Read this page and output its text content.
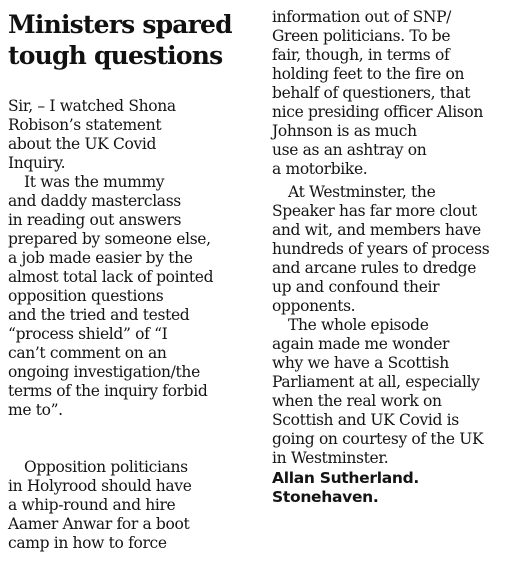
Ministers spared
tough questions
Sir, – I watched Shona
Robison’s statement
about the UK Covid
Inquiry.
It was the mummy
and daddy masterclass
in reading out answers
prepared by someone else,
a job made easier by the
almost total lack of pointed
opposition questions
and the tried and tested
“process shield” of “I
can’t comment on an
ongoing investigation/the
terms of the inquiry forbid
me to”.
Opposition politicians
in Holyrood should have
a whip-round and hire
Aamer Anwar for a boot
camp in how to force
information out of SNP/
Green politicians. To be
fair, though, in terms of
holding feet to the fire on
behalf of questioners, that
nice presiding officer Alison
Johnson is as much
use as an ashtray on
a motorbike.
At Westminster, the
Speaker has far more clout
and wit, and members have
hundreds of years of process
and arcane rules to dredge
up and confound their
opponents.
The whole episode
again made me wonder
why we have a Scottish
Parliament at all, especially
when the real work on
Scottish and UK Covid is
going on courtesy of the UK
in Westminster.
Allan Sutherland.
Stonehaven.
